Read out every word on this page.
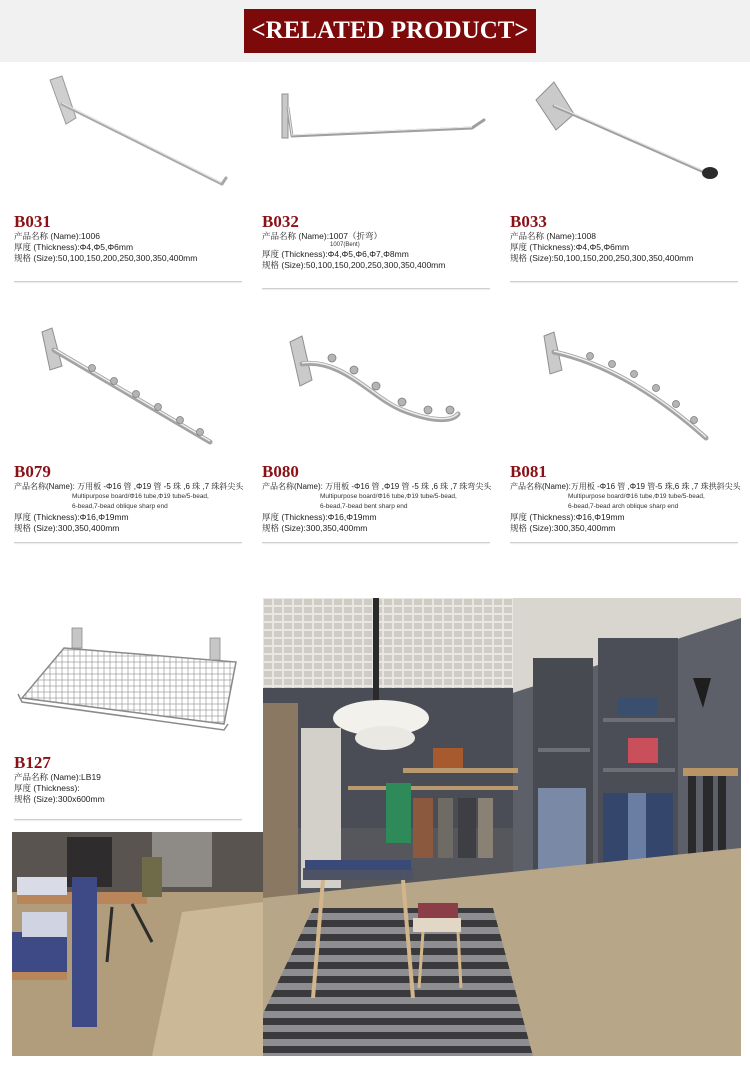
<RELATED PRODUCT>
B031
产品名称 (Name):1006
厚度 (Thickness):Φ4,Φ5,Φ6mm
规格 (Size):50,100,150,200,250,300,350,400mm
B032
产品名称 (Name):1007（折弯）
1007(Bent)
厚度 (Thickness):Φ4,Φ5,Φ6,Φ7,Φ8mm
规格 (Size):50,100,150,200,250,300,350,400mm
B033
产品名称 (Name):1008
厚度 (Thickness):Φ4,Φ5,Φ6mm
规格 (Size):50,100,150,200,250,300,350,400mm
B079
产品名称(Name): 万用板 -Φ16 管 ,Φ19 管 -5 珠 ,6 珠 ,7 珠斜尖头
Multipurpose board/Φ16 tube,Φ19 tube/5-bead,
6-bead,7-bead oblique sharp end
厚度 (Thickness):Φ16,Φ19mm
规格 (Size):300,350,400mm
B080
产品名称(Name): 万用板 -Φ16 管 ,Φ19 管 -5 珠 ,6 珠 ,7 珠弯尖头
Multipurpose board/Φ16 tube,Φ19 tube/5-bead,
6-bead,7-bead bent sharp end
厚度 (Thickness):Φ16,Φ19mm
规格 (Size):300,350,400mm
B081
产品名称(Name):万用板 -Φ16 管 ,Φ19 管-5 珠,6 珠 ,7 珠拱斜尖头
Multipurpose board/Φ16 tube,Φ19 tube/5-bead,
6-bead,7-bead arch oblique sharp end
厚度 (Thickness):Φ16,Φ19mm
规格 (Size):300,350,400mm
B127
产品名称 (Name):LB19
厚度 (Thickness):
规格 (Size):300x600mm
